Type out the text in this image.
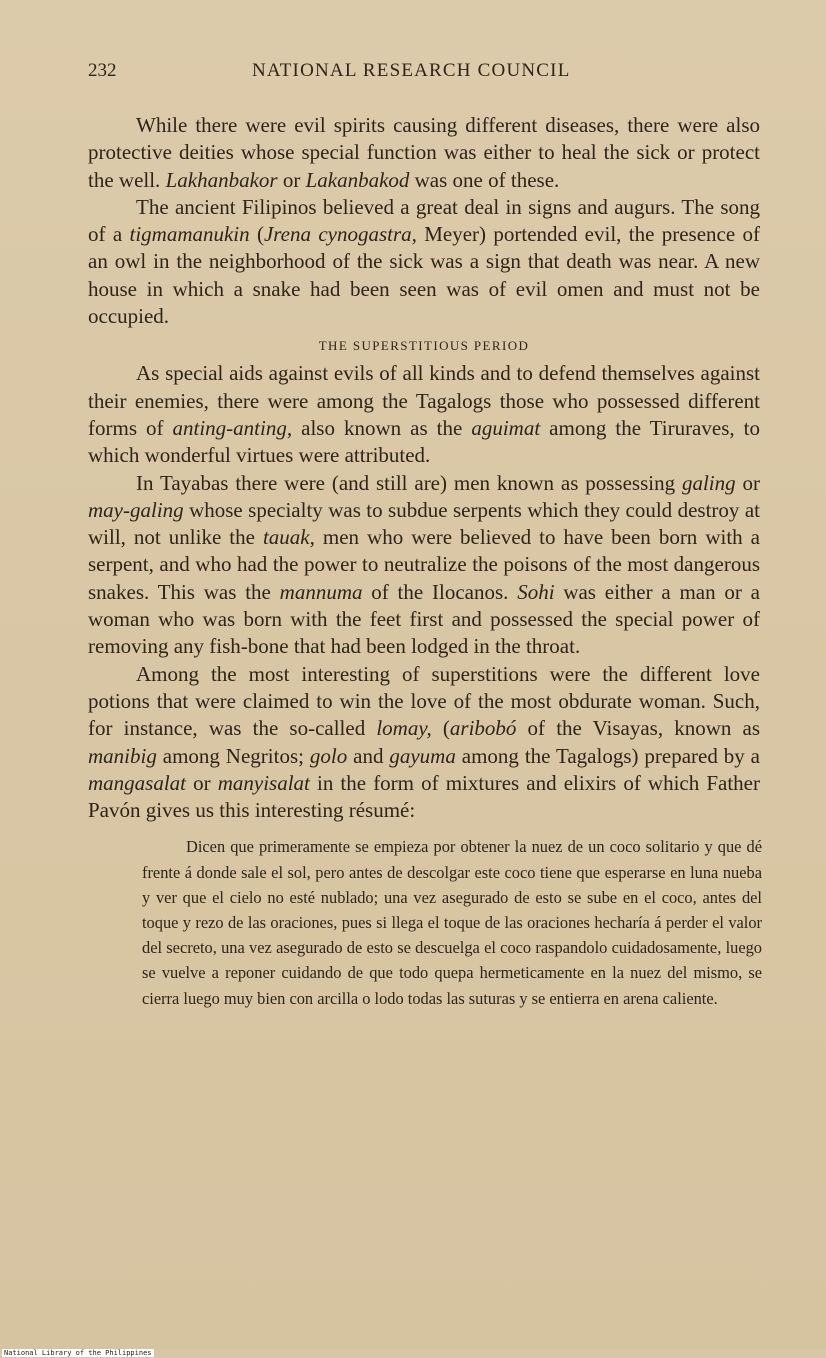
232	NATIONAL RESEARCH COUNCIL

While there were evil spirits causing different diseases, there were also protective deities whose special function was either to heal the sick or protect the well. Lakhanbakor or Lakanbakod was one of these.

The ancient Filipinos believed a great deal in signs and augurs. The song of a tigmamanukin (Jrena cynogastra, Meyer) portended evil, the presence of an owl in the neighborhood of the sick was a sign that death was near. A new house in which a snake had been seen was of evil omen and must not be occupied.

THE SUPERSTITIOUS PERIOD

As special aids against evils of all kinds and to defend themselves against their enemies, there were among the Tagalogs those who possessed different forms of anting-anting, also known as the aguimat among the Tiruraves, to which wonderful virtues were attributed.

In Tayabas there were (and still are) men known as possessing galing or may-galing whose specialty was to subdue serpents which they could destroy at will, not unlike the tauak, men who were believed to have been born with a serpent, and who had the power to neutralize the poisons of the most dangerous snakes. This was the mannuma of the Ilocanos. Sohi was either a man or a woman who was born with the feet first and possessed the special power of removing any fish-bone that had been lodged in the throat.

Among the most interesting of superstitions were the different love potions that were claimed to win the love of the most obdurate woman. Such, for instance, was the so-called lomay, (aribobó of the Visayas, known as manibig among Negritos; golo and gayuma among the Tagalogs) prepared by a mangasalat or manyisalat in the form of mixtures and elixirs of which Father Pavón gives us this interesting résumé:

Dicen que primeramente se empieza por obtener la nuez de un coco solitario y que dé frente á donde sale el sol, pero antes de descolgar este coco tiene que esperarse en luna nueba y ver que el cielo no esté nublado; una vez asegurado de esto se sube en el coco, antes del toque y rezo de las oraciones, pues si llega el toque de las oraciones hecharía á perder el valor del secreto, una vez asegurado de esto se descuelga el coco raspandolo cuidadosamente, luego se vuelve a reponer cuidando de que todo quepa hermeticamente en la nuez del mismo, se cierra luego muy bien con arcilla o lodo todas las suturas y se entierra en arena caliente.

National Library of the Philippines
